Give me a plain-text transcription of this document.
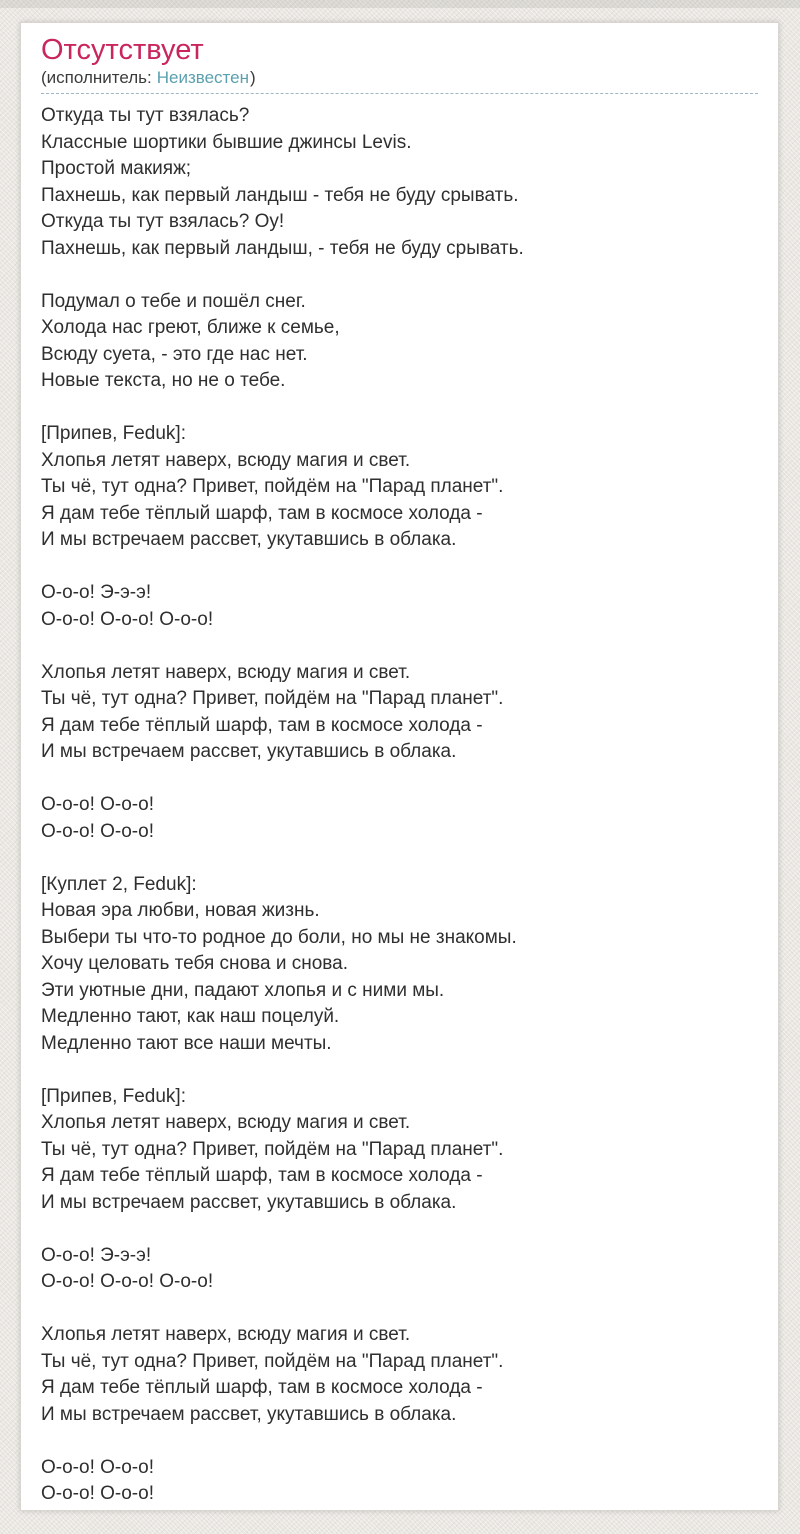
Отсутствует
(исполнитель: Неизвестен)
Откуда ты тут взялась?
Классные шортики бывшие джинсы Levis.
Простой макияж;
Пахнешь, как первый ландыш - тебя не буду срывать.
Откуда ты тут взялась? Оу!
Пахнешь, как первый ландыш, - тебя не буду срывать.

Подумал о тебе и пошёл снег.
Холода нас греют, ближе к семье,
Всюду суета, - это где нас нет.
Новые текста, но не о тебе.

[Припев, Feduk]:
Хлопья летят наверх, всюду магия и свет.
Ты чё, тут одна? Привет, пойдём на "Парад планет".
Я дам тебе тёплый шарф, там в космосе холода -
И мы встречаем рассвет, укутавшись в облака.

О-о-о! Э-э-э!
О-о-о! О-о-о! О-о-о!

Хлопья летят наверх, всюду магия и свет.
Ты чё, тут одна? Привет, пойдём на "Парад планет".
Я дам тебе тёплый шарф, там в космосе холода -
И мы встречаем рассвет, укутавшись в облака.

О-о-о! О-о-о!
О-о-о! О-о-о!

[Куплет 2, Feduk]:
Новая эра любви, новая жизнь.
Выбери ты что-то родное до боли, но мы не знакомы.
Хочу целовать тебя снова и снова.
Эти уютные дни, падают хлопья и с ними мы.
Медленно тают, как наш поцелуй.
Медленно тают все наши мечты.

[Припев, Feduk]:
Хлопья летят наверх, всюду магия и свет.
Ты чё, тут одна? Привет, пойдём на "Парад планет".
Я дам тебе тёплый шарф, там в космосе холода -
И мы встречаем рассвет, укутавшись в облака.

О-о-о! Э-э-э!
О-о-о! О-о-о! О-о-о!

Хлопья летят наверх, всюду магия и свет.
Ты чё, тут одна? Привет, пойдём на "Парад планет".
Я дам тебе тёплый шарф, там в космосе холода -
И мы встречаем рассвет, укутавшись в облака.

О-о-о! О-о-о!
О-о-о! О-о-о!
